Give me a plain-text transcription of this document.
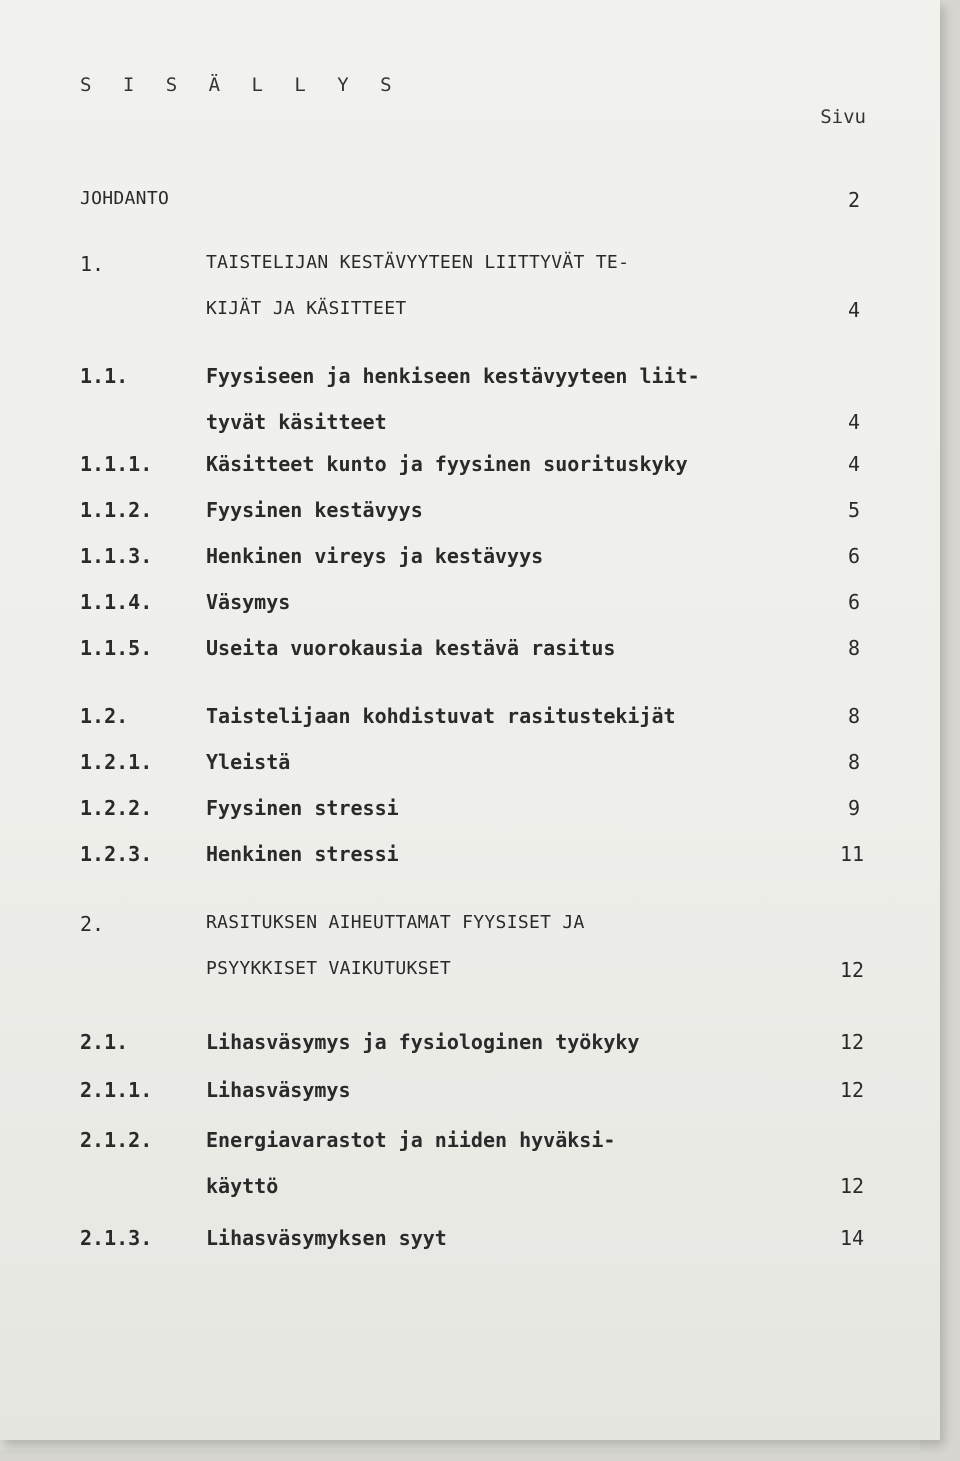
S I S Ä L L Y S
Sivu
JOHDANTO	2
1.	TAISTELIJAN KESTÄVYYTEEN LIITTYVÄT TE-
KIJÄT JA KÄSITTEET	4
1.1.	Fyysiseen ja henkiseen kestävyyteen liit-
tyvät käsitteet	4
1.1.1.	Käsitteet kunto ja fyysinen suorituskyky	4
1.1.2.	Fyysinen kestävyys	5
1.1.3.	Henkinen vireys ja kestävyys	6
1.1.4.	Väsymys	6
1.1.5.	Useita vuorokausia kestävä rasitus	8
1.2.	Taistelijaan kohdistuvat rasitustekijät	8
1.2.1.	Yleistä	8
1.2.2.	Fyysinen stressi	9
1.2.3.	Henkinen stressi	11
2.	RASITUKSEN AIHEUTTAMAT FYYSISET JA
PSYYKKISET VAIKUTUKSET	12
2.1.	Lihasväsymys ja fysiologinen työkyky	12
2.1.1.	Lihasväsymys	12
2.1.2.	Energiavarastot ja niiden hyväksi-
käyttö	12
2.1.3.	Lihasväsymyksen syyt	14
